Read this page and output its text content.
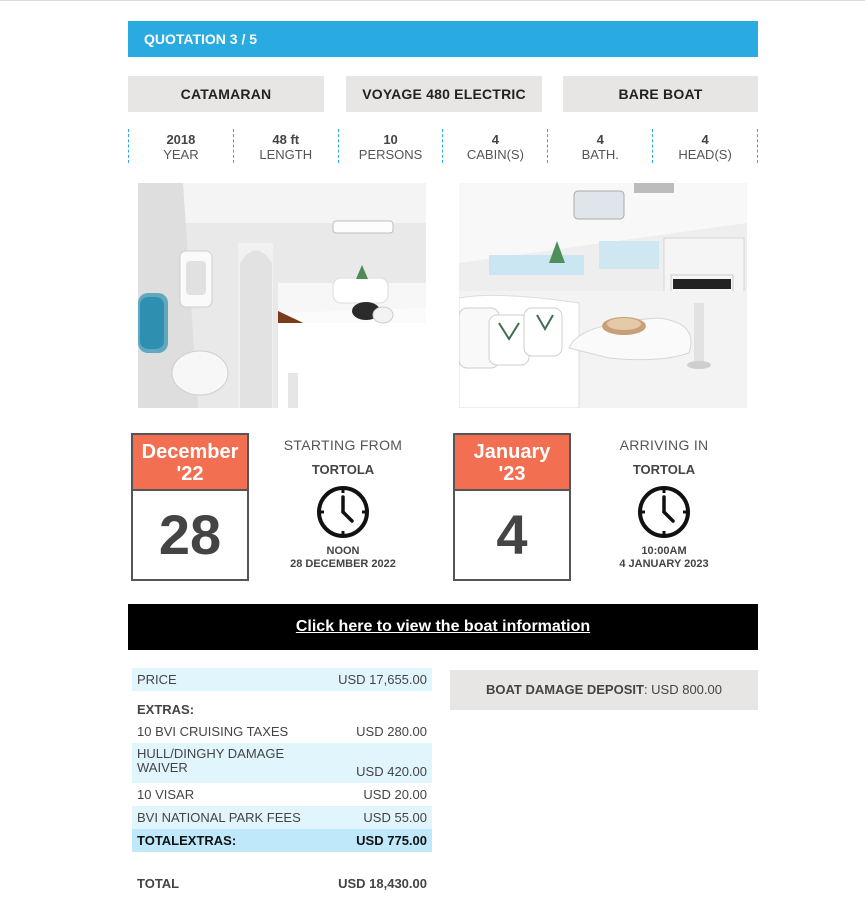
QUOTATION 3 / 5
CATAMARAN	VOYAGE 480 ELECTRIC	BARE BOAT
2018
YEAR
48 ft
LENGTH
10
PERSONS
4
CABIN(S)
4
BATH.
4
HEAD(S)
December
'22
28
STARTING FROM
TORTOLA
NOON
28 DECEMBER 2022
January
'23
4
ARRIVING IN
TORTOLA
10:00AM
4 JANUARY 2023
Click here to view the boat information
PRICE	USD 17,655.00
EXTRAS:
10 BVI CRUISING TAXES	USD 280.00
HULL/DINGHY DAMAGE WAIVER	USD 420.00
10 VISAR	USD 20.00
BVI NATIONAL PARK FEES	USD 55.00
TOTALEXTRAS:	USD 775.00
TOTAL	USD 18,430.00
BOAT DAMAGE DEPOSIT: USD 800.00
